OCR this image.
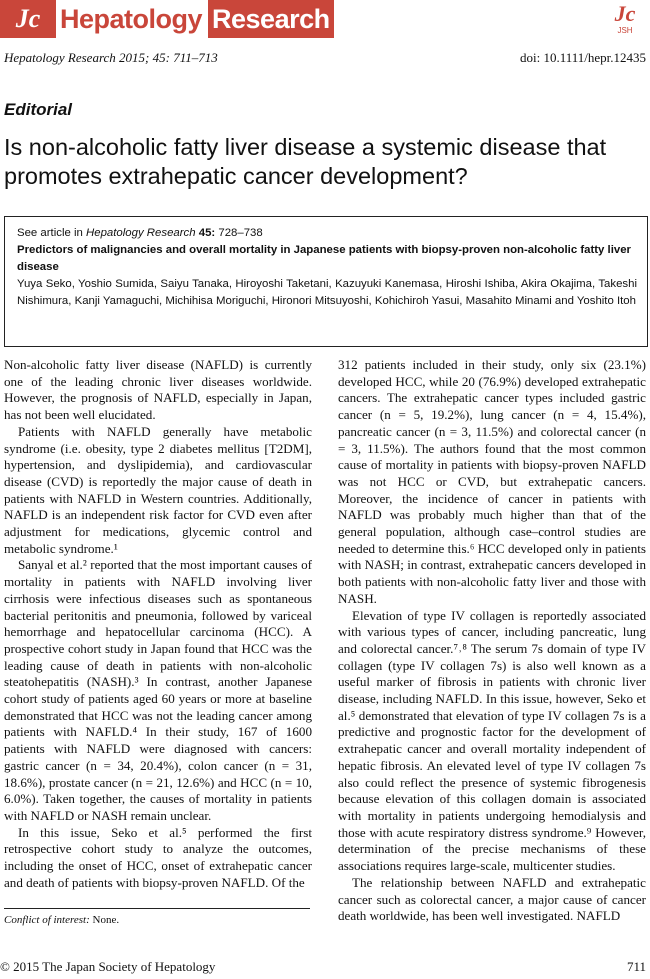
Jc Hepatology Research	Jc
JSH
Hepatology Research 2015; 45: 711–713	doi: 10.1111/hepr.12435
Editorial
Is non-alcoholic fatty liver disease a systemic disease that promotes extrahepatic cancer development?
See article in Hepatology Research 45: 728–738
Predictors of malignancies and overall mortality in Japanese patients with biopsy-proven non-alcoholic fatty liver disease
Yuya Seko, Yoshio Sumida, Saiyu Tanaka, Hiroyoshi Taketani, Kazuyuki Kanemasa, Hiroshi Ishiba, Akira Okajima, Takeshi Nishimura, Kanji Yamaguchi, Michihisa Moriguchi, Hironori Mitsuyoshi, Kohichiroh Yasui, Masahito Minami and Yoshito Itoh

Non-alcoholic fatty liver disease (NAFLD) is currently one of the leading chronic liver diseases worldwide. However, the prognosis of NAFLD, especially in Japan, has not been well elucidated.

Patients with NAFLD generally have metabolic syndrome (i.e. obesity, type 2 diabetes mellitus [T2DM], hypertension, and dyslipidemia), and cardiovascular disease (CVD) is reportedly the major cause of death in patients with NAFLD in Western countries. Additionally, NAFLD is an independent risk factor for CVD even after adjustment for medications, glycemic control and metabolic syndrome.¹

Sanyal et al.² reported that the most important causes of mortality in patients with NAFLD involving liver cirrhosis were infectious diseases such as spontaneous bacterial peritonitis and pneumonia, followed by variceal hemorrhage and hepatocellular carcinoma (HCC). A prospective cohort study in Japan found that HCC was the leading cause of death in patients with non-alcoholic steatohepatitis (NASH).³ In contrast, another Japanese cohort study of patients aged 60 years or more at baseline demonstrated that HCC was not the leading cancer among patients with NAFLD.⁴ In their study, 167 of 1600 patients with NAFLD were diagnosed with cancers: gastric cancer (n = 34, 20.4%), colon cancer (n = 31, 18.6%), prostate cancer (n = 21, 12.6%) and HCC (n = 10, 6.0%). Taken together, the causes of mortality in patients with NAFLD or NASH remain unclear.

In this issue, Seko et al.⁵ performed the first retrospective cohort study to analyze the outcomes, including the onset of HCC, onset of extrahepatic cancer and death of patients with biopsy-proven NAFLD. Of the

312 patients included in their study, only six (23.1%) developed HCC, while 20 (76.9%) developed extrahepatic cancers. The extrahepatic cancer types included gastric cancer (n = 5, 19.2%), lung cancer (n = 4, 15.4%), pancreatic cancer (n = 3, 11.5%) and colorectal cancer (n = 3, 11.5%). The authors found that the most common cause of mortality in patients with biopsy-proven NAFLD was not HCC or CVD, but extrahepatic cancers. Moreover, the incidence of cancer in patients with NAFLD was probably much higher than that of the general population, although case–control studies are needed to determine this.⁶ HCC developed only in patients with NASH; in contrast, extrahepatic cancers developed in both patients with non-alcoholic fatty liver and those with NASH.

Elevation of type IV collagen is reportedly associated with various types of cancer, including pancreatic, lung and colorectal cancer.⁷˒⁸ The serum 7s domain of type IV collagen (type IV collagen 7s) is also well known as a useful marker of fibrosis in patients with chronic liver disease, including NAFLD. In this issue, however, Seko et al.⁵ demonstrated that elevation of type IV collagen 7s is a predictive and prognostic factor for the development of extrahepatic cancer and overall mortality independent of hepatic fibrosis. An elevated level of type IV collagen 7s also could reflect the presence of systemic fibrogenesis because elevation of this collagen domain is associated with mortality in patients undergoing hemodialysis and those with acute respiratory distress syndrome.⁹ However, determination of the precise mechanisms of these associations requires large-scale, multicenter studies.

The relationship between NAFLD and extrahepatic cancer such as colorectal cancer, a major cause of cancer death worldwide, has been well investigated. NAFLD

Conflict of interest: None.
© 2015 The Japan Society of Hepatology	711
